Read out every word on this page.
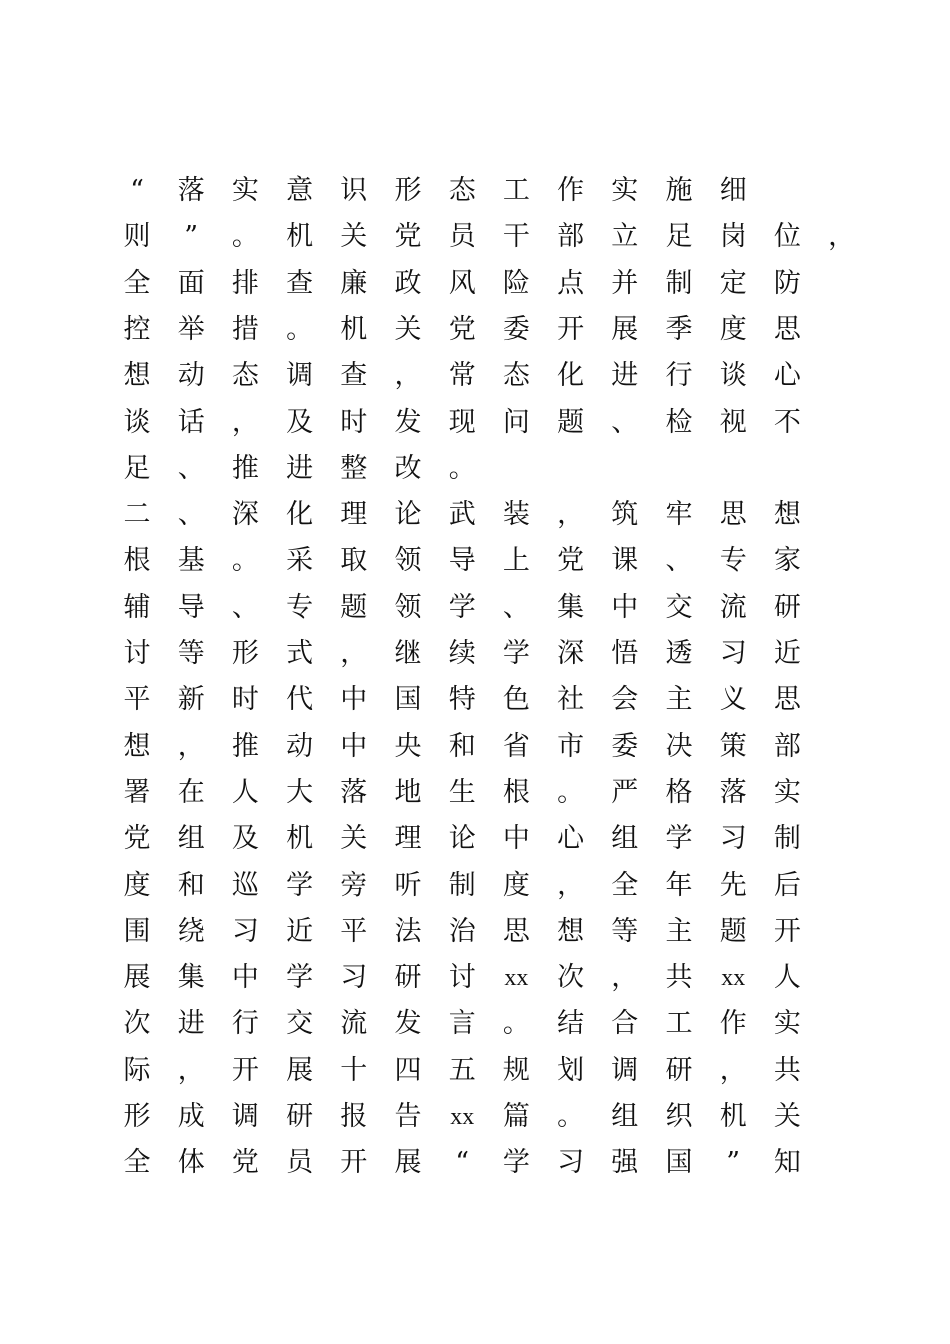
“	落 实 意 识 形 态 工 作 实 施 细
则	”	。 机 关 党 员 干 部 立 足 岗 位 ，
全 面 排 查 廉 政 风 险 点 并 制 定 防
控 举 措 。 机 关 党 委 开 展 季 度 思
想 动 态 调 查 ， 常 态 化 进 行 谈 心
谈 话 ， 及 时 发 现 问 题 、 检 视 不
足 、 推 进 整 改 。
二 、 深 化 理 论 武 装 ， 筑 牢 思 想
根 基 。 采 取 领 导 上 党 课 、 专 家
辅 导 、 专 题 领 学 、 集 中 交 流 研
讨 等 形 式 ， 继 续 学 深 悟 透 习 近
平 新 时 代 中 国 特 色 社 会 主 义 思
想 ， 推 动 中 央 和 省 市 委 决 策 部
署 在 人 大 落 地 生 根 。 严 格 落 实
党 组 及 机 关 理 论 中 心 组 学 习 制
度 和 巡 学 旁 听 制 度 ， 全 年 先 后
围 绕 习 近 平 法 治 思 想 等 主 题 开
展 集 中 学 习 研 讨	xx 次 ， 共	xx 人
次 进 行 交 流 发 言 。 结 合 工 作 实
际 ， 开 展 十 四 五 规 划 调 研 ， 共
形 成 调 研 报 告	xx 篇 。 组 织 机 关
全 体 党 员 开 展	“	学 习 强 国	”	知
